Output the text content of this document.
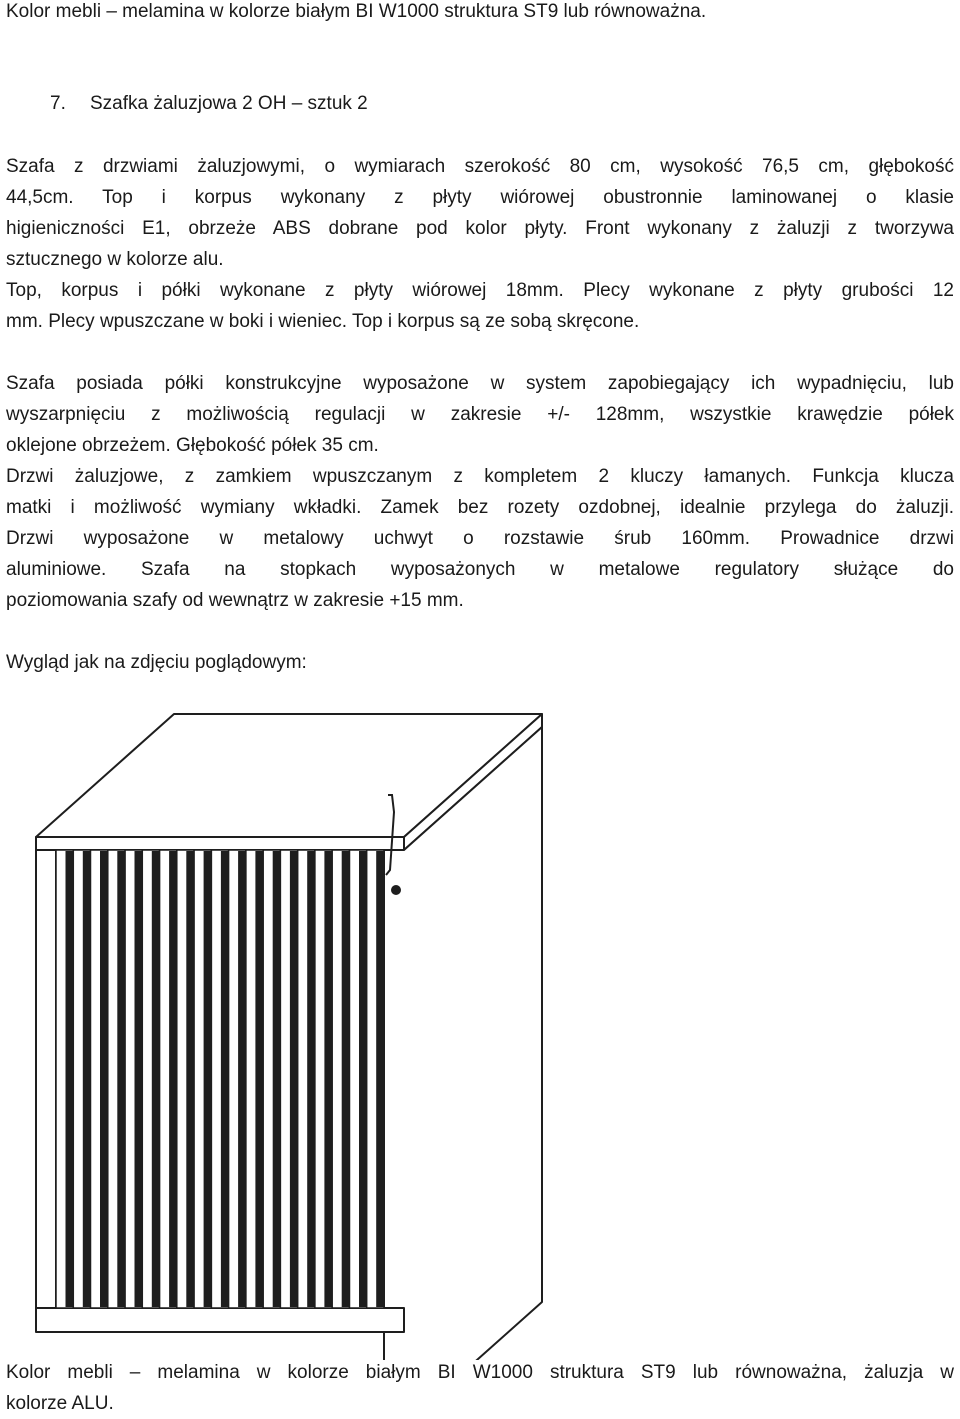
Kolor mebli – melamina w kolorze białym BI W1000 struktura ST9 lub równoważna.

7. Szafka żaluzjowa 2 OH – sztuk 2

Szafa z drzwiami żaluzjowymi, o wymiarach szerokość 80 cm, wysokość 76,5 cm, głębokość

44,5cm. Top i korpus wykonany z płyty wiórowej obustronnie laminowanej o klasie

higieniczności E1, obrzeże ABS dobrane pod kolor płyty. Front wykonany z żaluzji z tworzywa

sztucznego w kolorze alu.

Top, korpus i półki wykonane z płyty wiórowej 18mm. Plecy wykonane z płyty grubości 12

mm. Plecy wpuszczane w boki i wieniec. Top i korpus są ze sobą skręcone.

Szafa posiada półki konstrukcyjne wyposażone w system zapobiegający ich wypadnięciu, lub

wyszarpnięciu z możliwością regulacji w zakresie +/- 128mm, wszystkie krawędzie półek

oklejone obrzeżem. Głębokość półek 35 cm.

Drzwi żaluzjowe, z zamkiem wpuszczanym z kompletem 2 kluczy łamanych. Funkcja klucza

matki i możliwość wymiany wkładki. Zamek bez rozety ozdobnej, idealnie przylega do żaluzji.

Drzwi wyposażone w metalowy uchwyt o rozstawie śrub 160mm. Prowadnice drzwi

aluminiowe. Szafa na stopkach wyposażonych w metalowe regulatory służące do

poziomowania szafy od wewnątrz w zakresie +15 mm.

Wygląd jak na zdjęciu poglądowym:

Kolor mebli – melamina w kolorze białym BI W1000 struktura ST9 lub równoważna, żaluzja w

kolorze ALU.
